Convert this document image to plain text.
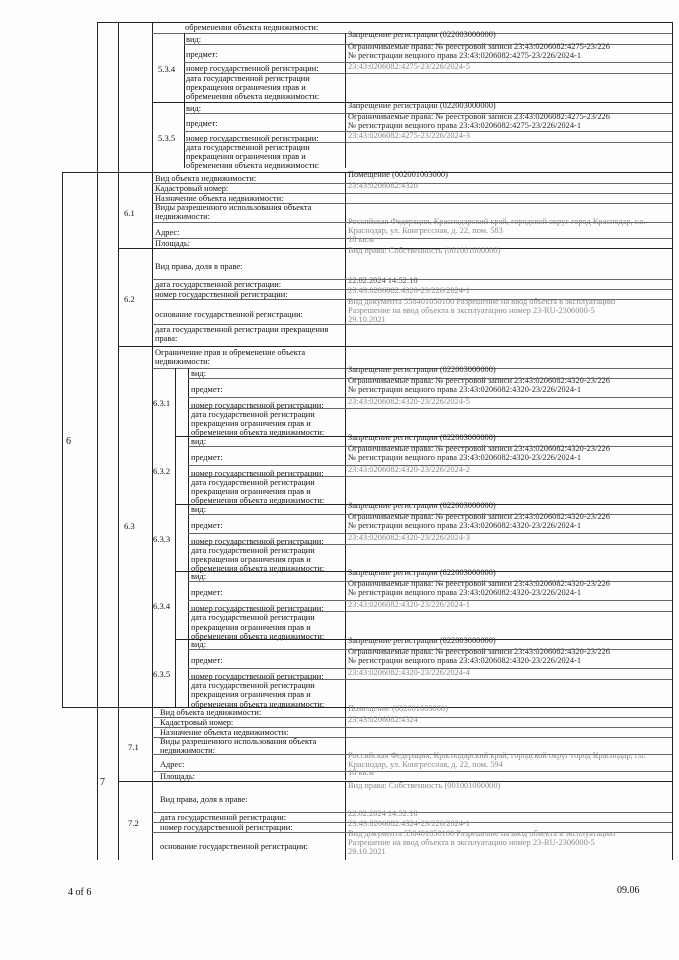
обременения объекта недвижимости:
5.3.4
вид:
Запрещение регистрации (022003000000)
предмет:
Ограничиваемые права: № реестровой записи 23:43:0206082:4275-23/226
№ регистрации вещного права 23:43:0206082:4275-23/226/2024-1
номер государственной регистрации:	23:43:0206082:4275-23/226/2024-5
дата государственной регистрации прекращения ограничения прав и обременения объекта недвижимости:
5.3.5
вид:	Запрещение регистрации (022003000000)
предмет:
Ограничиваемые права: № реестровой записи 23:43:0206082:4275-23/226
№ регистрации вещного права 23:43:0206082:4275-23/226/2024-1
номер государственной регистрации:	23:43:0206082:4275-23/226/2024-3
дата государственной регистрации прекращения ограничения прав и обременения объекта недвижимости:
6
6.1
Вид объекта недвижимости:	Помещение (002001003000)
Кадастровый номер:	23:43:0206082:4320
Назначение объекта недвижимости:
Виды разрешенного использования объекта недвижимости:
Адрес:
Российская Федерация, Краснодарский край, городской округ город Краснодар, г.о. Краснодар, ул. Конгрессная, д. 22, пом. 583
Площадь:	18 кв.м
6.2
Вид права, доля в праве:
Вид права: Собственность (001001000000)
дата государственной регистрации:	22.02.2024 14:52:18
номер государственной регистрации:	23:43:0206082:4320-23/226/2024-1
основание государственной регистрации:
Вид документа 558401050100 Разрешение на ввод объекта в эксплуатацию
Разрешение на ввод объекта в эксплуатацию номер 23-RU-2306000-5
29.10.2021
дата государственной регистрации прекращения права:
6.3
Ограничение прав и обременение объекта недвижимости:
6.3.1
вид:	Запрещение регистрации (022003000000)
предмет:
Ограничиваемые права: № реестровой записи 23:43:0206082:4320-23/226
№ регистрации вещного права 23:43:0206082:4320-23/226/2024-1
номер государственной регистрации:	23:43:0206082:4320-23/226/2024-5
дата государственной регистрации прекращения ограничения прав и обременения объекта недвижимости:
6.3.2
вид:	Запрещение регистрации (022003000000)
предмет:
Ограничиваемые права: № реестровой записи 23:43:0206082:4320-23/226
№ регистрации вещного права 23:43:0206082:4320-23/226/2024-1
номер государственной регистрации:	23:43:0206082:4320-23/226/2024-2
дата государственной регистрации прекращения ограничения прав и обременения объекта недвижимости:
6.3.3
вид:	Запрещение регистрации (022003000000)
предмет:
Ограничиваемые права: № реестровой записи 23:43:0206082:4320-23/226
№ регистрации вещного права 23:43:0206082:4320-23/226/2024-1
номер государственной регистрации:	23:43:0206082:4320-23/226/2024-3
дата государственной регистрации прекращения ограничения прав и обременения объекта недвижимости:
6.3.4
вид:	Запрещение регистрации (022003000000)
предмет:
Ограничиваемые права: № реестровой записи 23:43:0206082:4320-23/226
№ регистрации вещного права 23:43:0206082:4320-23/226/2024-1
номер государственной регистрации:	23:43:0206082:4320-23/226/2024-1
дата государственной регистрации прекращения ограничения прав и обременения объекта недвижимости:
6.3.5
вид:	Запрещение регистрации (022003000000)
предмет:
Ограничиваемые права: № реестровой записи 23:43:0206082:4320-23/226
№ регистрации вещного права 23:43:0206082:4320-23/226/2024-1
номер государственной регистрации:	23:43:0206082:4320-23/226/2024-4
дата государственной регистрации прекращения ограничения прав и обременения объекта недвижимости:
7
7.1
Вид объекта недвижимости:	Помещение (002001003000)
Кадастровый номер:	23:43:0206082:4324
Назначение объекта недвижимости:
Виды разрешенного использования объекта недвижимости:
Адрес:
Российская Федерация, Краснодарский край, городской округ город Краснодар, г.о. Краснодар, ул. Конгрессная, д. 22, пом. 594
Площадь:	18 кв.м
7.2
Вид права, доля в праве:
Вид права: Собственность (001001000000)
дата государственной регистрации:	22.02.2024 14:52:18
номер государственной регистрации:	23:43:0206082:4324-23/226/2024-1
основание государственной регистрации:
Вид документа 558401050100 Разрешение на ввод объекта в эксплуатацию
Разрешение на ввод объекта в эксплуатацию номер 23-RU-2306000-5
29.10.2021
4 of 6	09.06
